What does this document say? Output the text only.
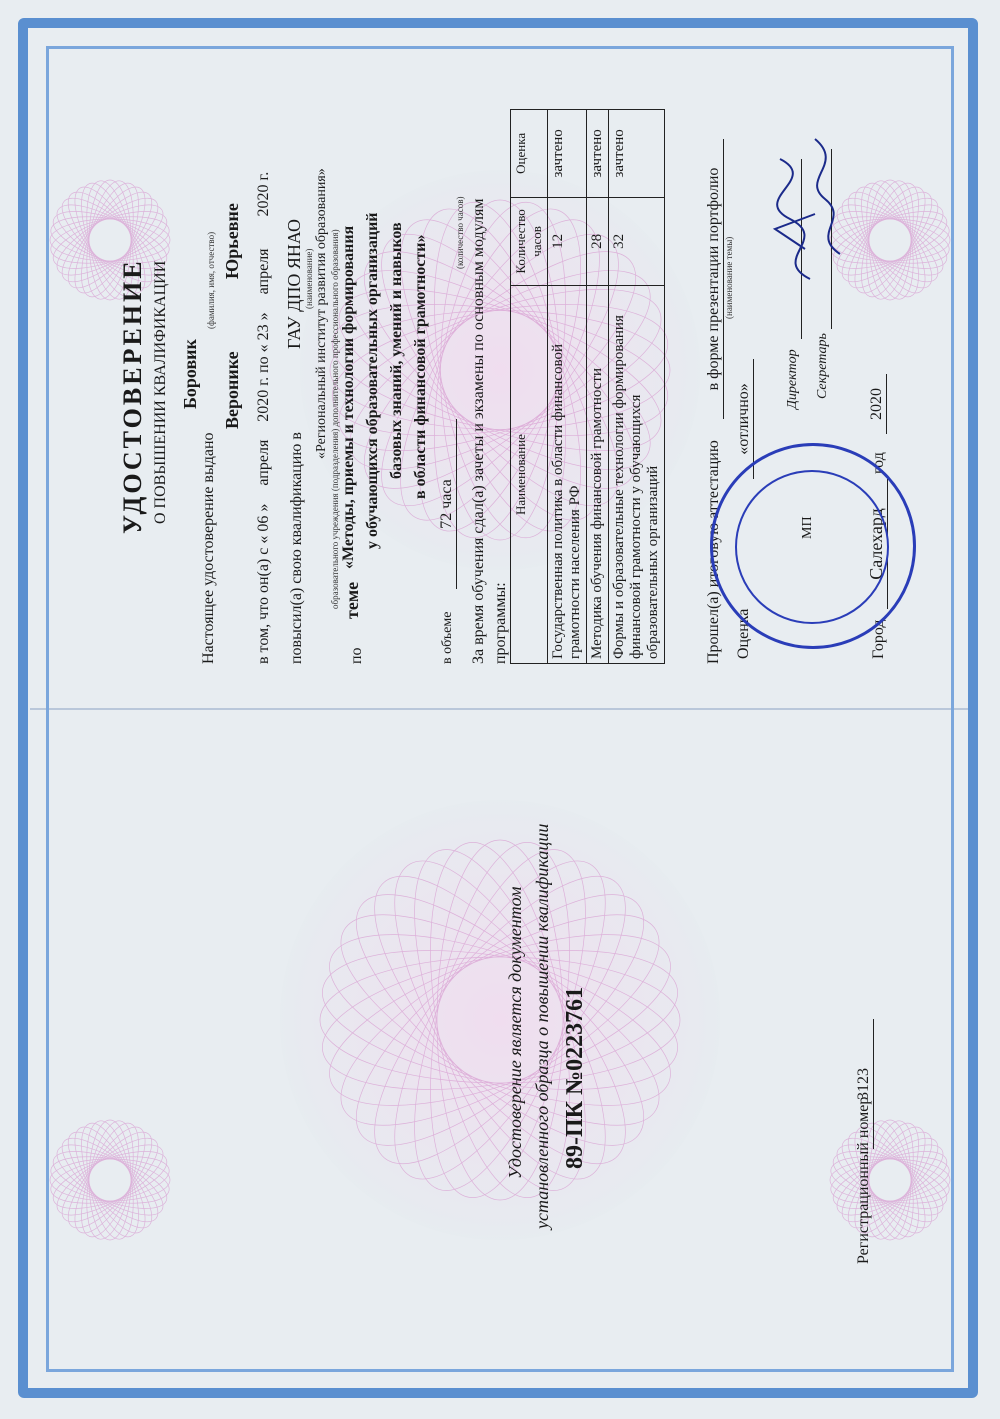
Удостоверение является документом установленного образца о повышении квалификации 89-ПК №0223761
Регистрационный номер
3123
УДОСТОВЕРЕНИЕ О ПОВЫШЕНИИ КВАЛИФИКАЦИИ
Настоящее удостоверение выдано
Боровик Веронике
Юрьевне
(фамилия, имя, отчество)
в том, что он(а) с « 06 » апреля 2020 г. по « 23 » апреля 2020 г.
повысил(а) свою квалификацию в
ГАУ ДПО ЯНАО (наименование) «Региональный институт развития образования» образовательного учреждения (подразделения) дополнительного профессионального образования)
по
теме
«Методы, приемы и технологии формирования у обучающихся образовательных организаций базовых знаний, умений и навыков в области финансовой грамотности»
в объеме
72 часа
(количество часов) За время обучения сдал(а) зачеты и экзамены по основным модулям программы:
Наименование	Количество часов	Оценка
Государственная политика в области финансовой грамотности населения РФ	12	зачтено
Методика обучения финансовой грамотности	28	зачтено
Формы и образовательные технологии формирования финансовой грамотности у обучающихся образовательных организаций	32	зачтено
Прошел(а) итоговую аттестацию
в форме презентации портфолио (наименование темы)
Оценка
«отлично»
Директор Секретарь
МП
Город
Салехард
2020
год
